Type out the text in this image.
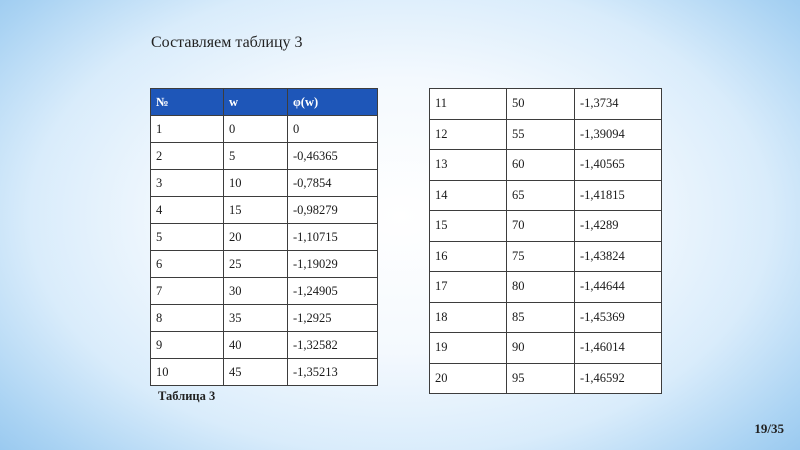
Составляем таблицу 3
№	w	φ(w)
1	0	0
2	5	-0,46365
3	10	-0,7854
4	15	-0,98279
5	20	-1,10715
6	25	-1,19029
7	30	-1,24905
8	35	-1,2925
9	40	-1,32582
10	45	-1,35213
11	50	-1,3734
12	55	-1,39094
13	60	-1,40565
14	65	-1,41815
15	70	-1,4289
16	75	-1,43824
17	80	-1,44644
18	85	-1,45369
19	90	-1,46014
20	95	-1,46592
Таблица 3
19/35
